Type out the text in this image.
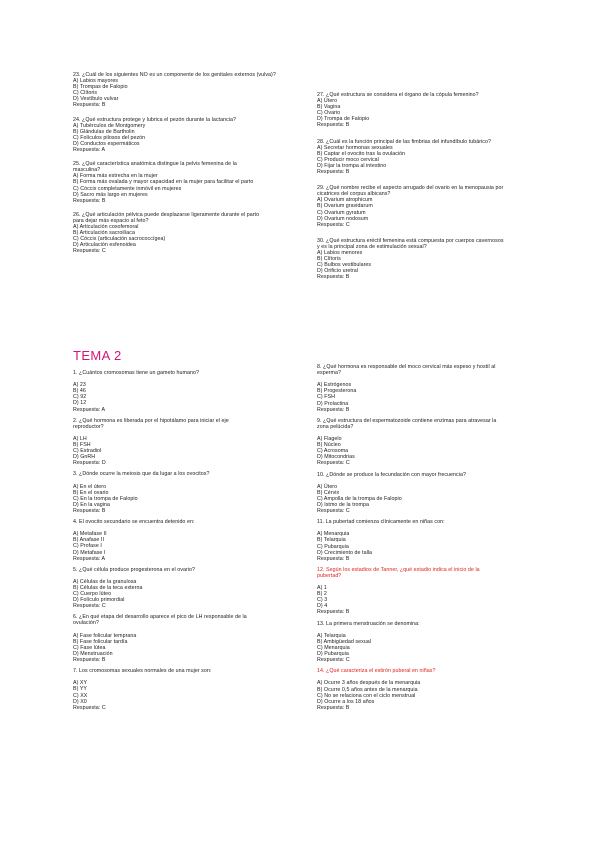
23. ¿Cuál de los siguientes NO es un componente de los genitales externos (vulva)?
A) Labios mayores
B) Trompas de Falopio
C) Clítoris
D) Vestíbulo vulvar
Respuesta: B
24. ¿Qué estructura protege y lubrica el pezón durante la lactancia?
A) Tubérculos de Montgomery
B) Glándulas de Bartholin
C) Folículos pilosos del pezón
D) Conductos espermáticos
Respuesta: A
25. ¿Qué característica anatómica distingue la pelvis femenina de la
masculina?
A) Forma más estrecha en la mujer
B) Forma más ovalada y mayor capacidad en la mujer para facilitar el parto
C) Cóccix completamente inmóvil en mujeres
D) Sacro más largo en mujeres
Respuesta: B
26. ¿Qué articulación pélvica puede desplazarse ligeramente durante el parto
para dejar más espacio al feto?
A) Articulación coxofemoral
B) Articulación sacroilíaca
C) Cóccix (articulación sacrococcígea)
D) Articulación esfenoidea
Respuesta: C
27. ¿Qué estructura se considera el órgano de la cópula femenino?
A) Útero
B) Vagina
C) Ovario
D) Trompa de Falopio
Respuesta: B
28. ¿Cuál es la función principal de las fimbrias del infundíbulo tubárico?
A) Secretar hormonas sexuales
B) Captar el ovocito tras la ovulación
C) Producir moco cervical
D) Fijar la trompa al intestino
Respuesta: B
29. ¿Qué nombre recibe el aspecto arrugado del ovario en la menopausia por
cicatrices del corpus albicans?
A) Ovarium atrophicum
B) Ovarium gravidarum
C) Ovarium gyratum
D) Ovarium nodosum
Respuesta: C
30. ¿Qué estructura eréctil femenina está compuesta por cuerpos cavernosos
y es la principal zona de estimulación sexual?
A) Labios menores
B) Clítoris
C) Bulbos vestibulares
D) Orificio uretral
Respuesta: B
TEMA 2
1. ¿Cuántos cromosomas tiene un gameto humano?

A) 23
B) 46
C) 92
D) 12
Respuesta: A
2. ¿Qué hormona es liberada por el hipotálamo para iniciar el eje
reproductor?

A) LH
B) FSH
C) Estradiol
D) GnRH
Respuesta: D
3. ¿Dónde ocurre la meiosis que da lugar a los ovocitos?

A) En el útero
B) En el ovario
C) En la trompa de Falopio
D) En la vagina
Respuesta: B
4. El ovocito secundario se encuentra detenido en:

A) Metafase II
B) Anafase II
C) Profase I
D) Metafase I
Respuesta: A
5. ¿Qué célula produce progesterona en el ovario?

A) Células de la granulosa
B) Células de la teca externa
C) Cuerpo lúteo
D) Folículo primordial
Respuesta: C
6. ¿En qué etapa del desarrollo aparece el pico de LH responsable de la
ovulación?

A) Fase folicular temprana
B) Fase folicular tardía
C) Fase lútea
D) Menstruación
Respuesta: B
7. Los cromosomas sexuales normales de una mujer son:

A) XY
B) YY
C) XX
D) X0
Respuesta: C
8. ¿Qué hormona es responsable del moco cervical más espeso y hostil al
esperma?

A) Estrógenos
B) Progesterona
C) FSH
D) Prolactina
Respuesta: B
9. ¿Qué estructura del espermatozoide contiene enzimas para atravesar la
zona pelúcida?

A) Flagelo
B) Núcleo
C) Acrosoma
D) Mitocondrias
Respuesta: C
10. ¿Dónde se produce la fecundación con mayor frecuencia?

A) Útero
B) Cérvix
C) Ampolla de la trompa de Falopio
D) Istmo de la trompa
Respuesta: C
11. La pubertad comienza clínicamente en niñas con:

A) Menarquia
B) Telarquia
C) Pubarquia
D) Crecimiento de talla
Respuesta: B
12. Según los estadios de Tanner, ¿qué estadio indica el inicio de la
pubertad?

A) 1
B) 2
C) 3
D) 4
Respuesta: B
13. La primera menstruación se denomina:

A) Telarquia
B) Ambigüedad sexual
C) Menarquia
D) Pubarquia
Respuesta: C
14. ¿Qué caracteriza el estirón puberal en niñas?

A) Ocurre 3 años después de la menarquia
B) Ocurre 0,5 años antes de la menarquia
C) No se relaciona con el ciclo menstrual
D) Ocurre a los 18 años
Respuesta: B
